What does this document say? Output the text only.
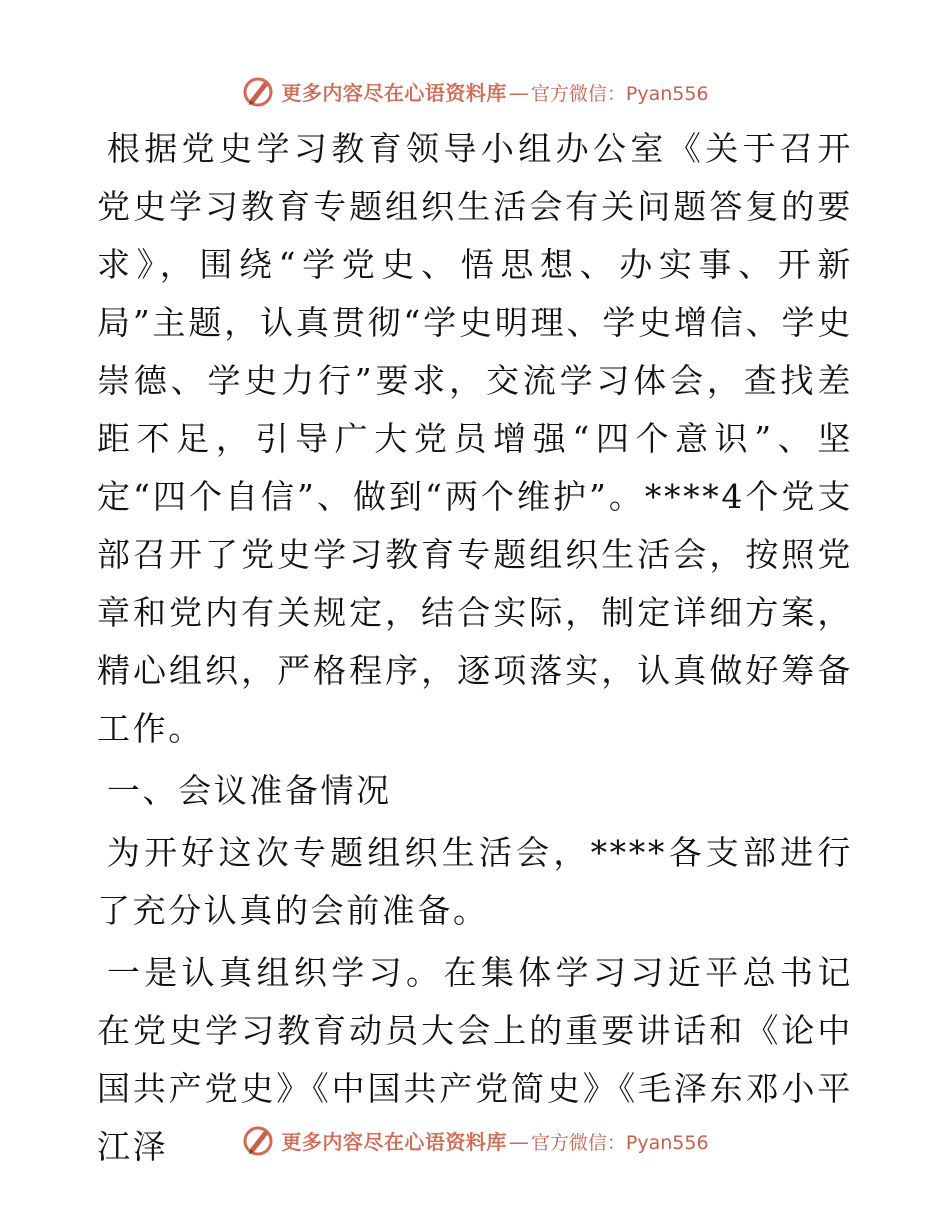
更多内容尽在心语资料库 — 官方微信：Pyan556

根据党史学习教育领导小组办公室《关于召开党史学习教育专题组织生活会有关问题答复的要求》，围绕“学党史、悟思想、办实事、开新局”主题，认真贯彻“学史明理、学史增信、学史崇德、学史力行”要求，交流学习体会，查找差距不足，引导广大党员增强“四个意识”、坚定“四个自信”、做到“两个维护”。****4个党支部召开了党史学习教育专题组织生活会，按照党章和党内有关规定，结合实际，制定详细方案，精心组织，严格程序，逐项落实，认真做好筹备工作。

一、会议准备情况

为开好这次专题组织生活会，****各支部进行了充分认真的会前准备。

一是认真组织学习。在集体学习习近平总书记在党史学习教育动员大会上的重要讲话和《论中国共产党史》《中国共产党简史》《毛泽东邓小平江泽	更多内容尽在心语资料库 — 官方微信：Pyan556
